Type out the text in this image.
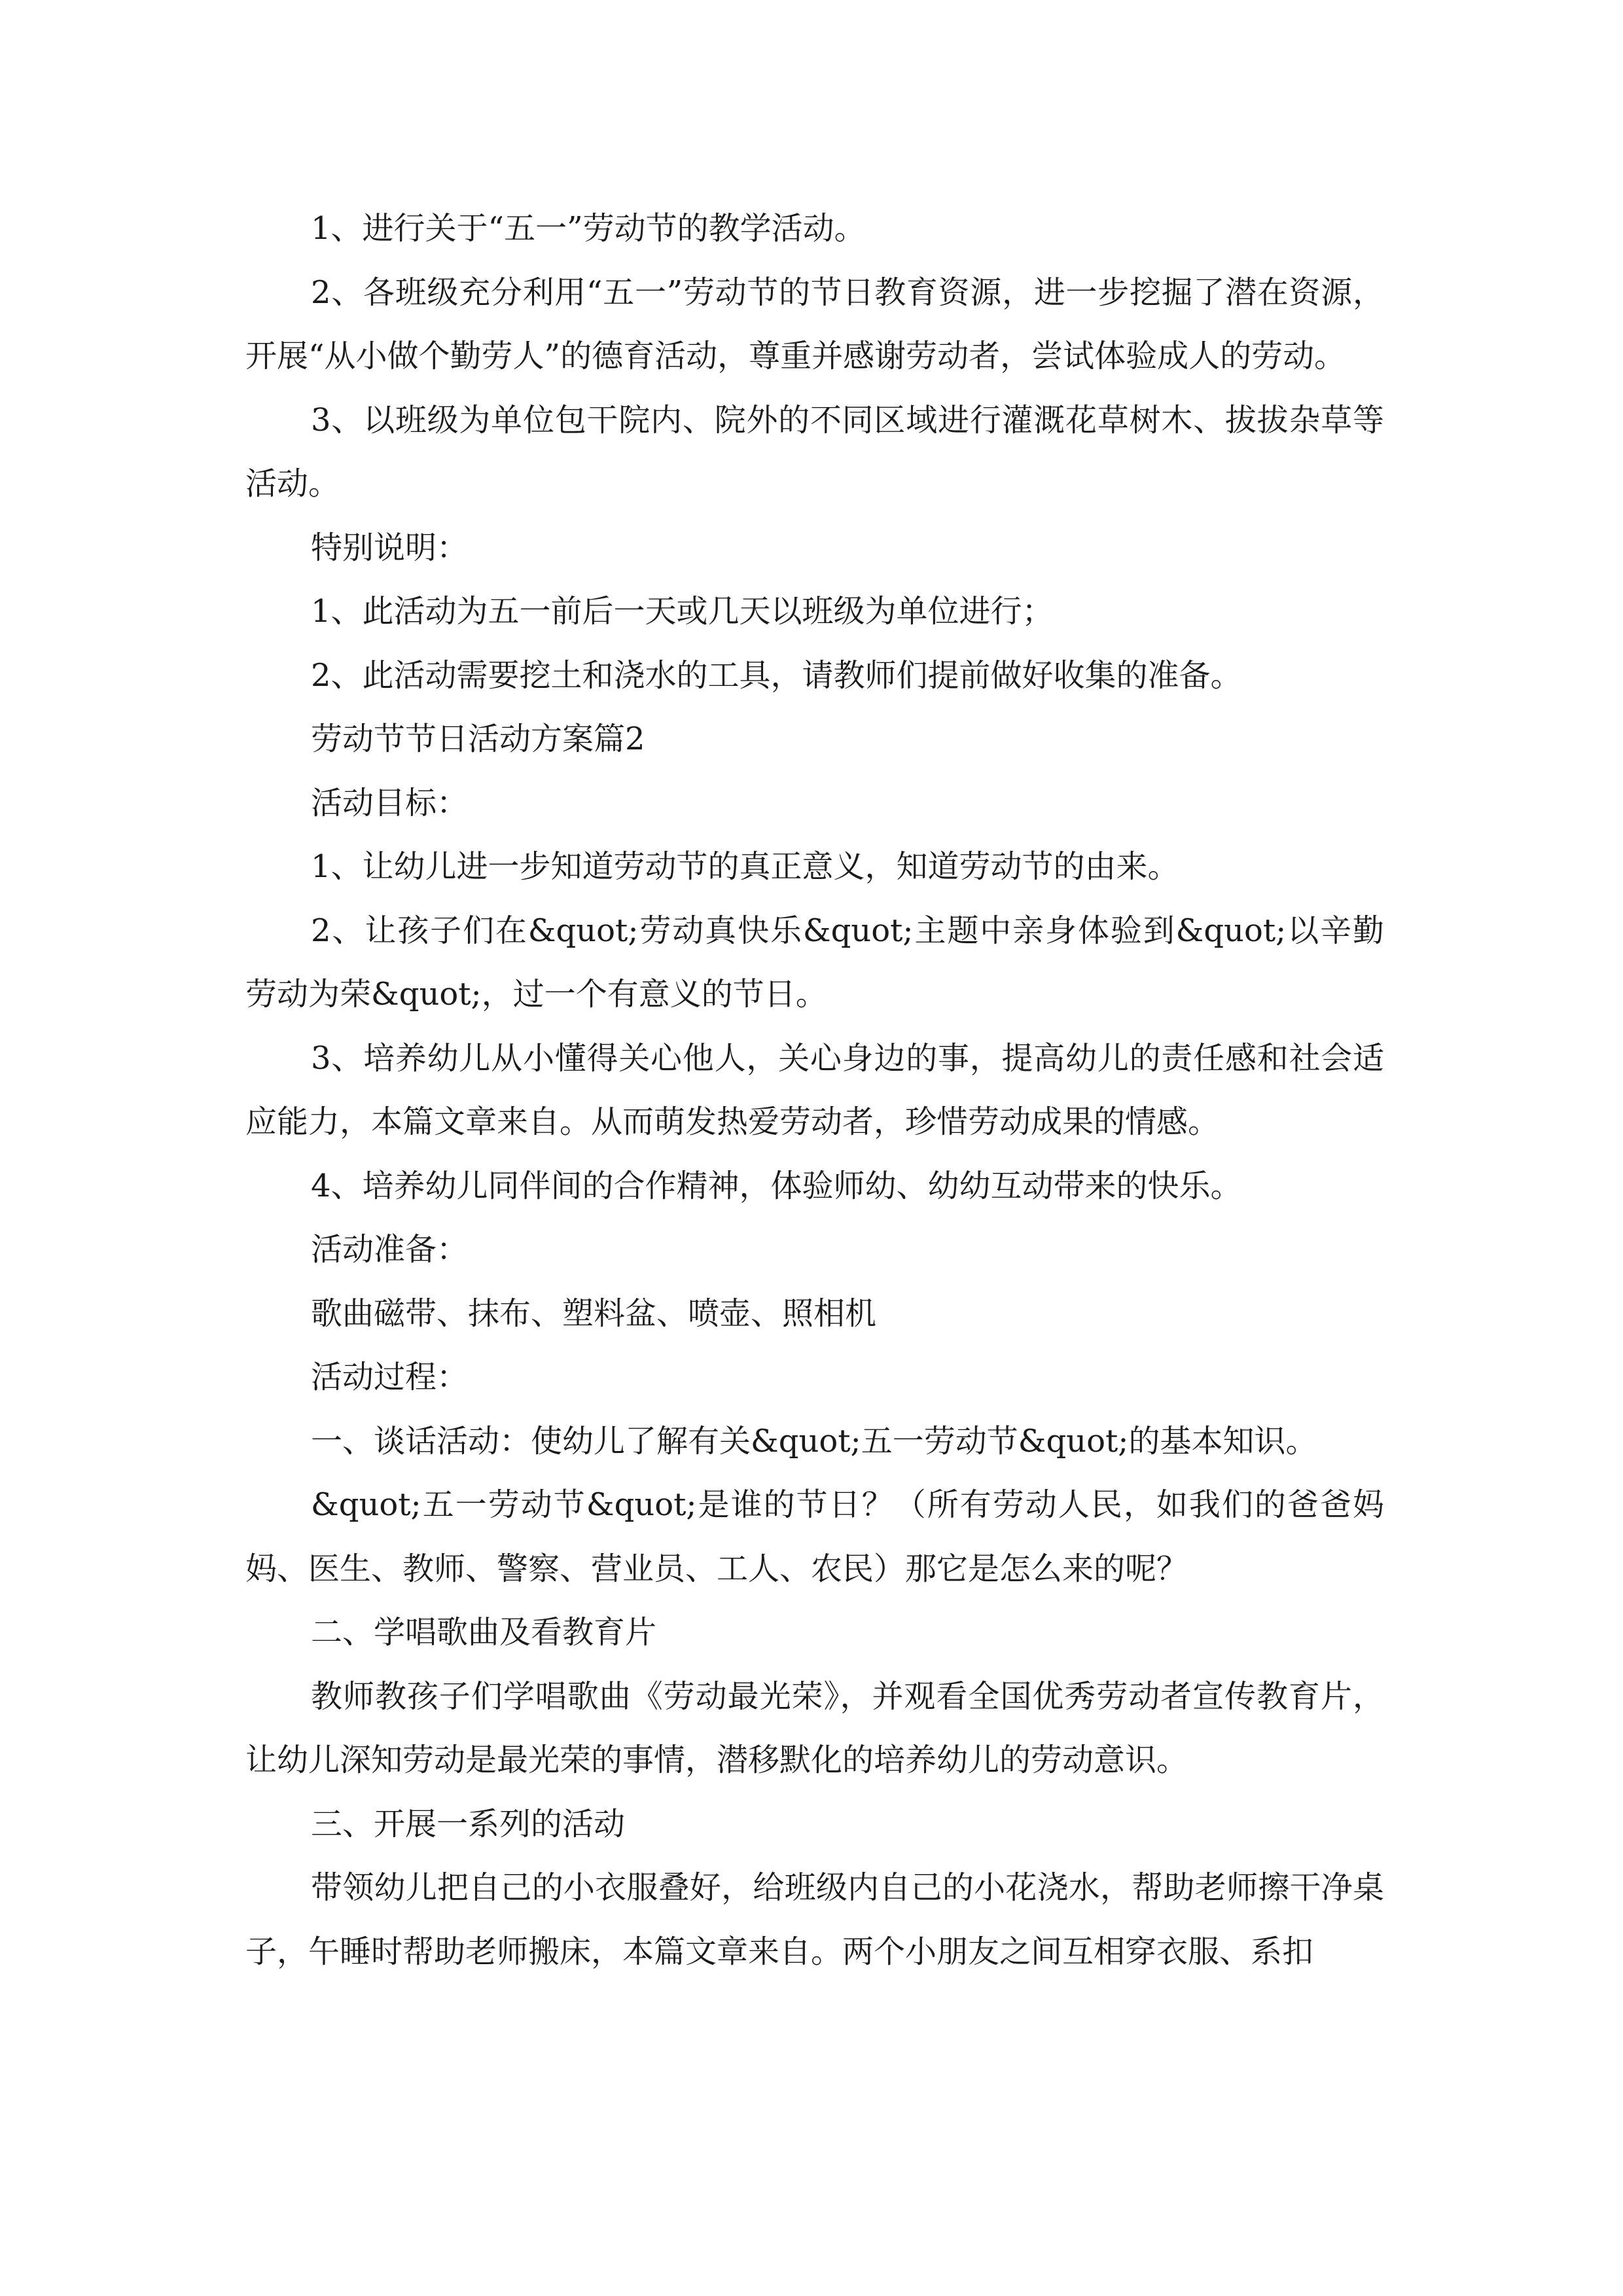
1、进行关于“五一”劳动节的教学活动。

2、各班级充分利用“五一”劳动节的节日教育资源，进一步挖掘了潜在资源，开展“从小做个勤劳人”的德育活动，尊重并感谢劳动者，尝试体验成人的劳动。

3、以班级为单位包干院内、院外的不同区域进行灌溉花草树木、拔拔杂草等活动。

特别说明：

1、此活动为五一前后一天或几天以班级为单位进行；

2、此活动需要挖土和浇水的工具，请教师们提前做好收集的准备。

劳动节节日活动方案篇2

活动目标：

1、让幼儿进一步知道劳动节的真正意义，知道劳动节的由来。

2、让孩子们在&quot;劳动真快乐&quot;主题中亲身体验到&quot;以辛勤劳动为荣&quot;，过一个有意义的节日。

3、培养幼儿从小懂得关心他人，关心身边的事，提高幼儿的责任感和社会适应能力，本篇文章来自。从而萌发热爱劳动者，珍惜劳动成果的情感。

4、培养幼儿同伴间的合作精神，体验师幼、幼幼互动带来的快乐。

活动准备：

歌曲磁带、抹布、塑料盆、喷壶、照相机

活动过程：

一、谈话活动：使幼儿了解有关&quot;五一劳动节&quot;的基本知识。

&quot;五一劳动节&quot;是谁的节日？（所有劳动人民，如我们的爸爸妈妈、医生、教师、警察、营业员、工人、农民）那它是怎么来的呢？

二、学唱歌曲及看教育片

教师教孩子们学唱歌曲《劳动最光荣》，并观看全国优秀劳动者宣传教育片，让幼儿深知劳动是最光荣的事情，潜移默化的培养幼儿的劳动意识。

三、开展一系列的活动

带领幼儿把自己的小衣服叠好，给班级内自己的小花浇水，帮助老师擦干净桌子，午睡时帮助老师搬床，本篇文章来自。两个小朋友之间互相穿衣服、系扣
